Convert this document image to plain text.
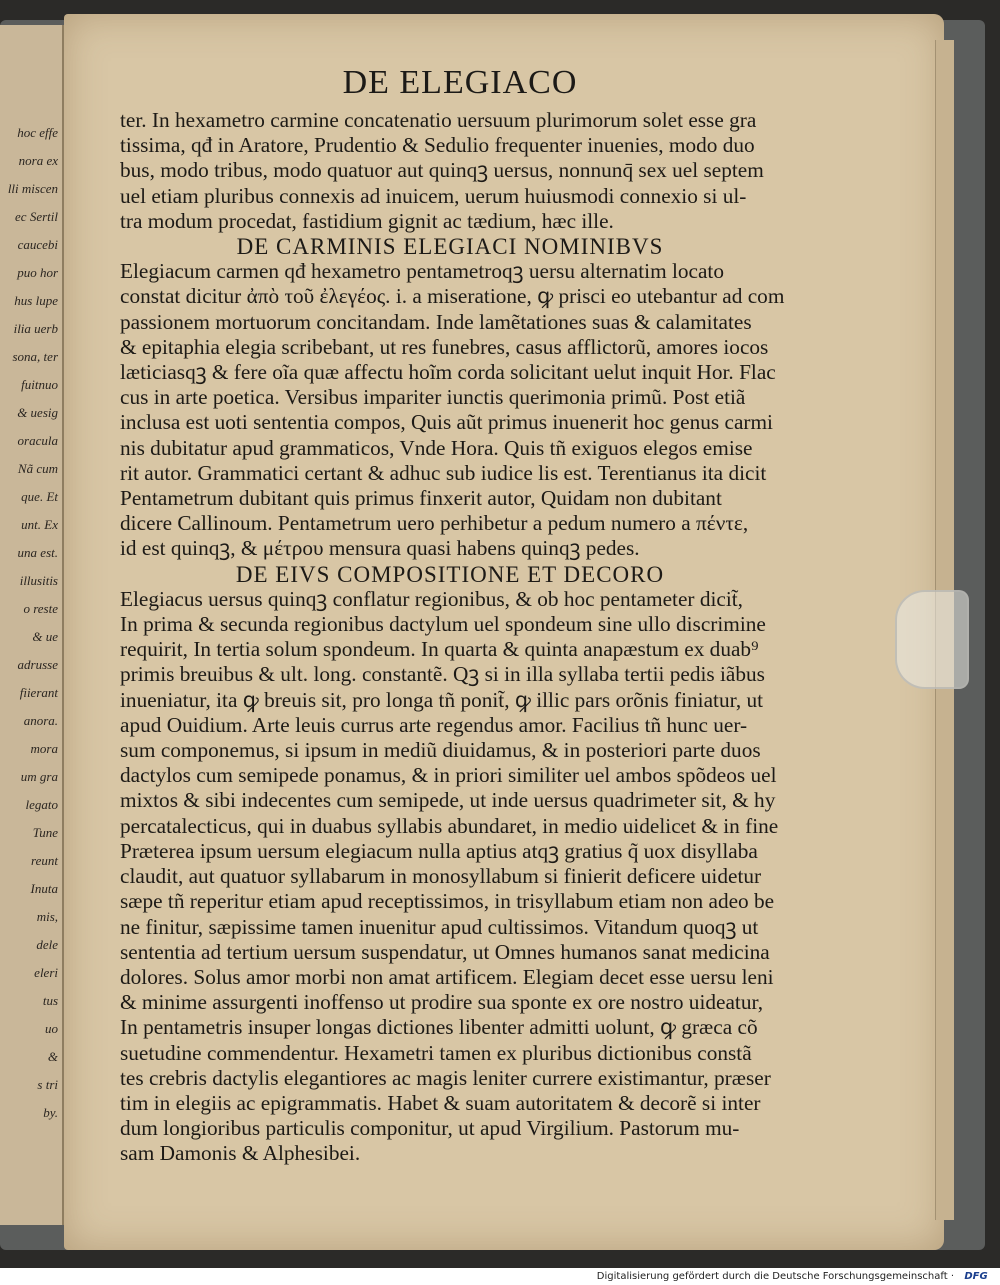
hoc effe
nora ex
lli miscen
ec Sertil
caucebi
puo hor
hus lupe
ilia uerb
sona, ter
fuitnuo
& uesig
oracula
Nã cum
que. Et
unt. Ex
una est.
illusitis
o reste
& ue
adrusse
fiierant
anora.
mora
um gra
legato
Tune
reunt
Inuta
mis,
dele
eleri
tus
uo
&
s tri
by.
DE ELEGIACO
ter. In hexametro carmine concatenatio uersuum plurimorum solet esse gra
tissima, qđ in Aratore, Prudentio & Sedulio frequenter inuenies, modo duo
bus, modo tribus, modo quatuor aut quinqꝫ uersus, nonnunq̄ sex uel septem
uel etiam pluribus connexis ad inuicem, uerum huiusmodi connexio si ul-
tra modum procedat, fastidium gignit ac tædium, hæc ille.
DE CARMINIS ELEGIACI NOMINIBVS
Elegiacum carmen qđ hexametro pentametroqꝫ uersu alternatim locato
constat dicitur ἀπὸ τοῦ ἐλεγέος. i. a miseratione, ꝙ prisci eo utebantur ad com
passionem mortuorum concitandam. Inde lamẽtationes suas & calamitates
& epitaphia elegia scribebant, ut res funebres, casus afflictorũ, amores iocos
læticiasqꝫ & fere oĩa quæ affectu hoĩm corda solicitant uelut inquit Hor. Flac
cus in arte poetica. Versibus impariter iunctis querimonia primũ. Post etiã
inclusa est uoti sententia compos, Quis aũt primus inuenerit hoc genus carmi
nis dubitatur apud grammaticos, Vnde Hora. Quis tñ exiguos elegos emise
rit autor. Grammatici certant & adhuc sub iudice lis est. Terentianus ita dicit
Pentametrum dubitant quis primus finxerit autor, Quidam non dubitant
dicere Callinoum. Pentametrum uero perhibetur a pedum numero a πέντε,
id est quinqꝫ, & μέτρου mensura quasi habens quinqꝫ pedes.
DE EIVS COMPOSITIONE ET DECORO
Elegiacus uersus quinqꝫ conflatur regionibus, & ob hoc pentameter dicit̃,
In prima & secunda regionibus dactylum uel spondeum sine ullo discrimine
requirit, In tertia solum spondeum. In quarta & quinta anapæstum ex duab⁹
primis breuibus & ult. long. constantẽ. Qꝫ si in illa syllaba tertii pedis iãbus
inueniatur, ita ꝙ breuis sit, pro longa tñ ponit̃, ꝙ illic pars orõnis finiatur, ut
apud Ouidium. Arte leuis currus arte regendus amor. Facilius tñ hunc uer-
sum componemus, si ipsum in mediũ diuidamus, & in posteriori parte duos
dactylos cum semipede ponamus, & in priori similiter uel ambos spõdeos uel
mixtos & sibi indecentes cum semipede, ut inde uersus quadrimeter sit, & hy
percatalecticus, qui in duabus syllabis abundaret, in medio uidelicet & in fine
Præterea ipsum uersum elegiacum nulla aptius atqꝫ gratius q̃ uox disyllaba
claudit, aut quatuor syllabarum in monosyllabum si finierit deficere uidetur
sæpe tñ reperitur etiam apud receptissimos, in trisyllabum etiam non adeo be
ne finitur, sæpissime tamen inuenitur apud cultissimos. Vitandum quoqꝫ ut
sententia ad tertium uersum suspendatur, ut Omnes humanos sanat medicina
dolores. Solus amor morbi non amat artificem. Elegiam decet esse uersu leni
& minime assurgenti inoffenso ut prodire sua sponte ex ore nostro uideatur,
In pentametris insuper longas dictiones libenter admitti uolunt, ꝙ græca cõ
suetudine commendentur. Hexametri tamen ex pluribus dictionibus constã
tes crebris dactylis elegantiores ac magis leniter currere existimantur, præser
tim in elegiis ac epigrammatis. Habet & suam autoritatem & decorẽ si inter
dum longioribus particulis componitur, ut apud Virgilium. Pastorum mu-
sam Damonis & Alphesibei.
Digitalisierung gefördert durch die Deutsche Forschungsgemeinschaft ·	DFG
